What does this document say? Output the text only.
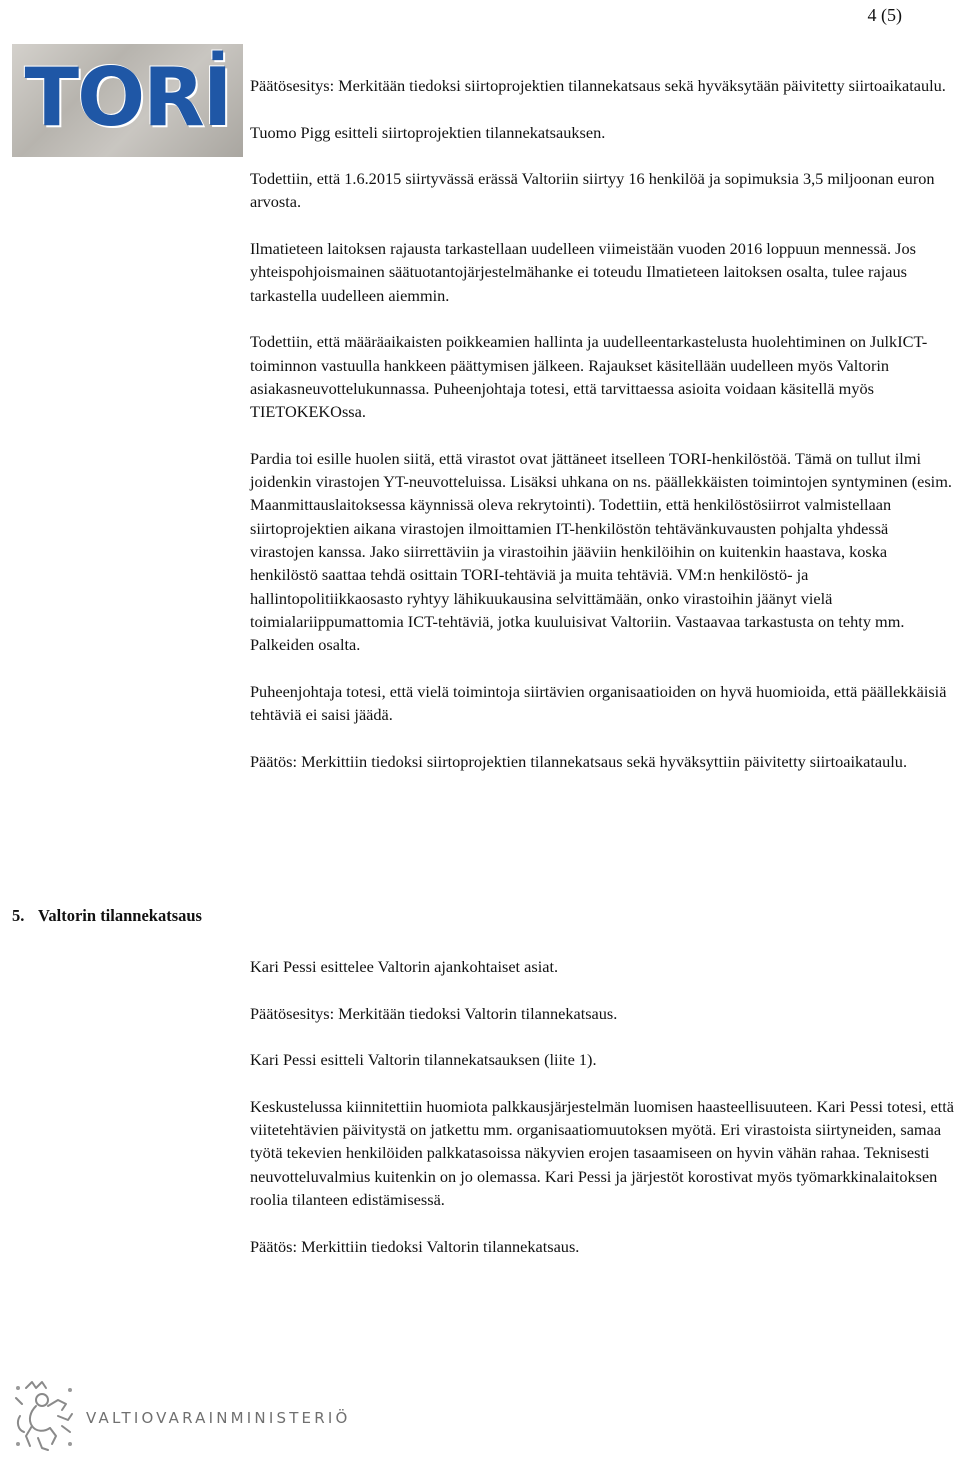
4 (5)
TORİ	Päätösesitys: Merkitään tiedoksi siirtoprojektien tilannekatsaus sekä hyväksytään päivitetty siirtoaikataulu.

Tuomo Pigg esitteli siirtoprojektien tilannekatsauksen.

Todettiin, että 1.6.2015 siirtyvässä erässä Valtoriin siirtyy 16 henkilöä ja sopimuksia 3,5 miljoonan euron arvosta.

Ilmatieteen laitoksen rajausta tarkastellaan uudelleen viimeistään vuoden 2016 loppuun mennessä. Jos yhteispohjoismainen säätuotantojärjestelmähanke ei toteudu Ilmatieteen laitoksen osalta, tulee rajaus tarkastella uudelleen aiemmin.

Todettiin, että määräaikaisten poikkeamien hallinta ja uudelleentarkastelusta huolehtiminen on JulkICT-toiminnon vastuulla hankkeen päättymisen jälkeen. Rajaukset käsitellään uudelleen myös Valtorin asiakasneuvottelukunnassa. Puheenjohtaja totesi, että tarvittaessa asioita voidaan käsitellä myös TIETOKEKOssa.

Pardia toi esille huolen siitä, että virastot ovat jättäneet itselleen TORI-henkilöstöä. Tämä on tullut ilmi joidenkin virastojen YT-neuvotteluissa. Lisäksi uhkana on ns. päällekkäisten toimintojen syntyminen (esim. Maanmittauslaitoksessa käynnissä oleva rekrytointi). Todettiin, että henkilöstösiirrot valmistellaan siirtoprojektien aikana virastojen ilmoittamien IT-henkilöstön tehtävänkuvausten pohjalta yhdessä virastojen kanssa. Jako siirrettäviin ja virastoihin jääviin henkilöihin on kuitenkin haastava, koska henkilöstö saattaa tehdä osittain TORI-tehtäviä ja muita tehtäviä. VM:n henkilöstö- ja hallintopolitiikkaosasto ryhtyy lähikuukausina selvittämään, onko virastoihin jäänyt vielä toimialariippumattomia ICT-tehtäviä, jotka kuuluisivat Valtoriin. Vastaavaa tarkastusta on tehty mm. Palkeiden osalta.

Puheenjohtaja totesi, että vielä toimintoja siirtävien organisaatioiden on hyvä huomioida, että päällekkäisiä tehtäviä ei saisi jäädä.

Päätös: Merkittiin tiedoksi siirtoprojektien tilannekatsaus sekä hyväksyttiin päivitetty siirtoaikataulu.

5. Valtorin tilannekatsaus

Kari Pessi esittelee Valtorin ajankohtaiset asiat.

Päätösesitys: Merkitään tiedoksi Valtorin tilannekatsaus.

Kari Pessi esitteli Valtorin tilannekatsauksen (liite 1).

Keskustelussa kiinnitettiin huomiota palkkausjärjestelmän luomisen haasteellisuuteen. Kari Pessi totesi, että viitetehtävien päivitystä on jatkettu mm. organisaatiomuutoksen myötä. Eri virastoista siirtyneiden, samaa työtä tekevien henkilöiden palkkatasoissa näkyvien erojen tasaamiseen on hyvin vähän rahaa. Teknisesti neuvotteluvalmius kuitenkin on jo olemassa. Kari Pessi ja järjestöt korostivat myös työmarkkinalaitoksen roolia tilanteen edistämisessä.

Päätös: Merkittiin tiedoksi Valtorin tilannekatsaus.

VALTIOVARAINMINISTERIÖ
